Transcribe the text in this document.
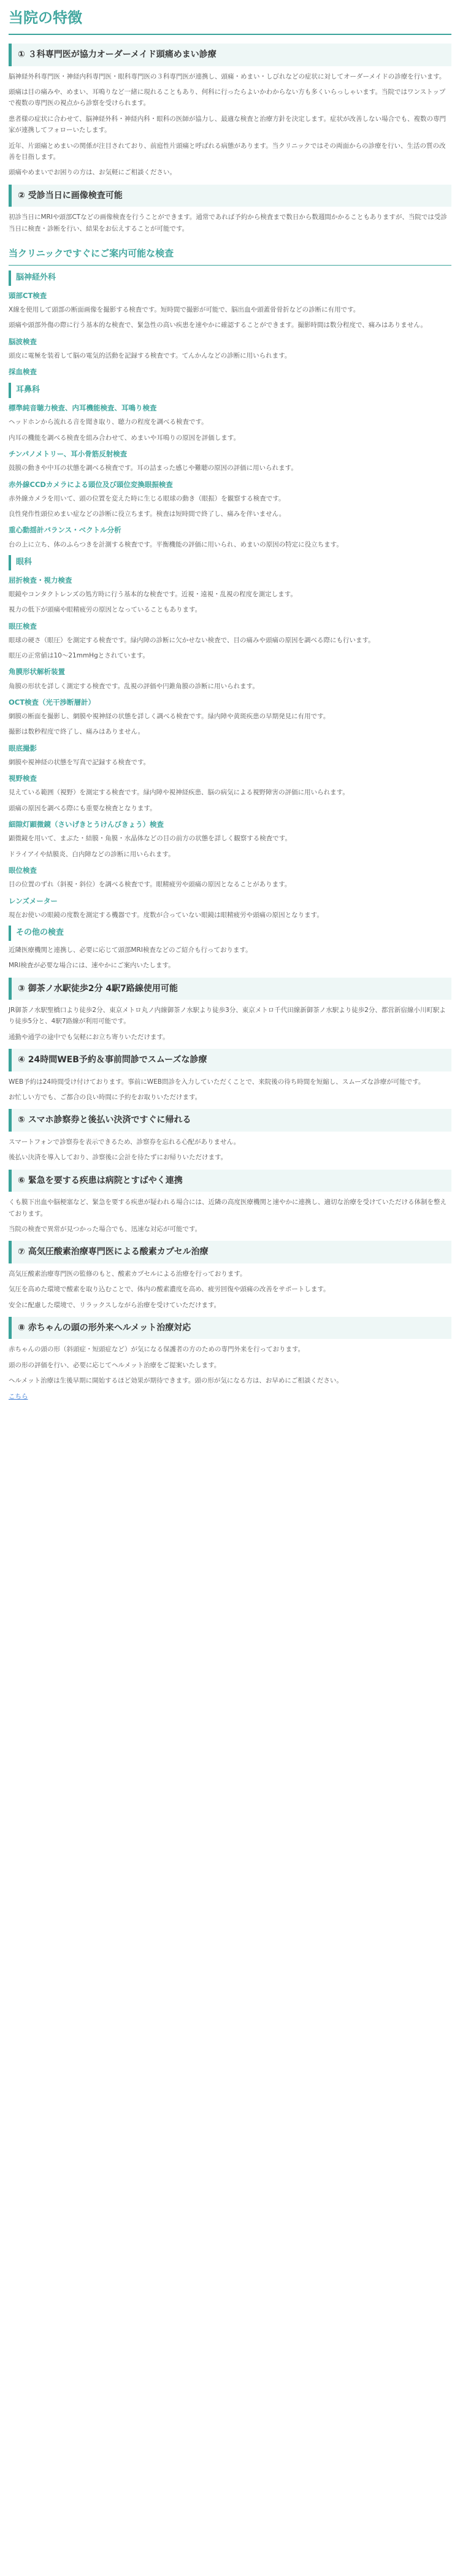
当院の特徴
① ３科専門医が協力オーダーメイド頭痛めまい診療

脳神経外科専門医・神経内科専門医・眼科専門医の３科専門医が連携し、頭痛・めまい・しびれなどの症状に対してオーダーメイドの診療を行います。

頭痛は目の痛みや、めまい、耳鳴りなど一緒に現れることもあり、何科に行ったらよいかわからない方も多くいらっしゃいます。当院ではワンストップで複数の専門医の視点から診察を受けられます。

患者様の症状に合わせて、脳神経外科・神経内科・眼科の医師が協力し、最適な検査と治療方針を決定します。症状が改善しない場合でも、複数の専門家が連携してフォローいたします。

近年、片頭痛とめまいの関係が注目されており、前庭性片頭痛と呼ばれる病態があります。当クリニックではその両面からの診療を行い、生活の質の改善を目指します。

頭痛やめまいでお困りの方は、お気軽にご相談ください。

② 受診当日に画像検査可能

初診当日にMRIや頭部CTなどの画像検査を行うことができます。通常であれば予約から検査まで数日から数週間かかることもありますが、当院では受診当日に検査・診断を行い、結果をお伝えすることが可能です。

当クリニックですぐにご案内可能な検査
脳神経外科
頭部CT検査

X線を使用して頭部の断面画像を撮影する検査です。短時間で撮影が可能で、脳出血や頭蓋骨骨折などの診断に有用です。

頭痛や頭部外傷の際に行う基本的な検査で、緊急性の高い疾患を速やかに確認することができます。撮影時間は数分程度で、痛みはありません。

脳波検査

頭皮に電極を装着して脳の電気的活動を記録する検査です。てんかんなどの診断に用いられます。

採血検査
耳鼻科
標準純音聴力検査、内耳機能検査、耳鳴り検査

ヘッドホンから流れる音を聞き取り、聴力の程度を調べる検査です。

内耳の機能を調べる検査を組み合わせて、めまいや耳鳴りの原因を評価します。

チンパノメトリー、耳小骨筋反射検査

鼓膜の動きや中耳の状態を調べる検査です。耳の詰まった感じや難聴の原因の評価に用いられます。

赤外線CCDカメラによる頭位及び頭位変換眼振検査

赤外線カメラを用いて、頭の位置を変えた時に生じる眼球の動き（眼振）を観察する検査です。

良性発作性頭位めまい症などの診断に役立ちます。検査は短時間で終了し、痛みを伴いません。

重心動揺計バランス・ベクトル分析

台の上に立ち、体のふらつきを計測する検査です。平衡機能の評価に用いられ、めまいの原因の特定に役立ちます。

眼科
屈折検査・視力検査

眼鏡やコンタクトレンズの処方時に行う基本的な検査です。近視・遠視・乱視の程度を測定します。

視力の低下が頭痛や眼精疲労の原因となっていることもあります。

眼圧検査

眼球の硬さ（眼圧）を測定する検査です。緑内障の診断に欠かせない検査で、目の痛みや頭痛の原因を調べる際にも行います。

眼圧の正常値は10〜21mmHgとされています。

角膜形状解析装置

角膜の形状を詳しく測定する検査です。乱視の評価や円錐角膜の診断に用いられます。

OCT検査（光干渉断層計）

網膜の断面を撮影し、網膜や視神経の状態を詳しく調べる検査です。緑内障や黄斑疾患の早期発見に有用です。

撮影は数秒程度で終了し、痛みはありません。

眼底撮影

網膜や視神経の状態を写真で記録する検査です。

視野検査

見えている範囲（視野）を測定する検査です。緑内障や視神経疾患、脳の病気による視野障害の評価に用いられます。

頭痛の原因を調べる際にも重要な検査となります。

細隙灯顕微鏡（さいげきとうけんびきょう）検査

顕微鏡を用いて、まぶた・結膜・角膜・水晶体などの目の前方の状態を詳しく観察する検査です。

ドライアイや結膜炎、白内障などの診断に用いられます。

眼位検査

目の位置のずれ（斜視・斜位）を調べる検査です。眼精疲労や頭痛の原因となることがあります。

レンズメーター

現在お使いの眼鏡の度数を測定する機器です。度数が合っていない眼鏡は眼精疲労や頭痛の原因となります。

その他の検査

近隣医療機関と連携し、必要に応じて頭部MRI検査などのご紹介も行っております。

MRI検査が必要な場合には、速やかにご案内いたします。

③ 御茶ノ水駅徒歩2分 4駅7路線使用可能

JR御茶ノ水駅聖橋口より徒歩2分、東京メトロ丸ノ内線御茶ノ水駅より徒歩3分、東京メトロ千代田線新御茶ノ水駅より徒歩2分、都営新宿線小川町駅より徒歩5分と、4駅7路線が利用可能です。

通勤や通学の途中でも気軽にお立ち寄りいただけます。

④ 24時間WEB予約＆事前問診でスムーズな診療

WEB予約は24時間受け付けております。事前にWEB問診を入力していただくことで、来院後の待ち時間を短縮し、スムーズな診療が可能です。

お忙しい方でも、ご都合の良い時間に予約をお取りいただけます。

⑤ スマホ診察券と後払い決済ですぐに帰れる

スマートフォンで診察券を表示できるため、診察券を忘れる心配がありません。

後払い決済を導入しており、診察後に会計を待たずにお帰りいただけます。

⑥ 緊急を要する疾患は病院とすばやく連携

くも膜下出血や脳梗塞など、緊急を要する疾患が疑われる場合には、近隣の高度医療機関と速やかに連携し、適切な治療を受けていただける体制を整えております。

当院の検査で異常が見つかった場合でも、迅速な対応が可能です。

⑦ 高気圧酸素治療専門医による酸素カプセル治療

高気圧酸素治療専門医の監修のもと、酸素カプセルによる治療を行っております。

気圧を高めた環境で酸素を取り込むことで、体内の酸素濃度を高め、疲労回復や頭痛の改善をサポートします。

安全に配慮した環境で、リラックスしながら治療を受けていただけます。

⑧ 赤ちゃんの頭の形外来ヘルメット治療対応

赤ちゃんの頭の形（斜頭症・短頭症など）が気になる保護者の方のための専門外来を行っております。

頭の形の評価を行い、必要に応じてヘルメット治療をご提案いたします。

ヘルメット治療は生後早期に開始するほど効果が期待できます。頭の形が気になる方は、お早めにご相談ください。

こちら
